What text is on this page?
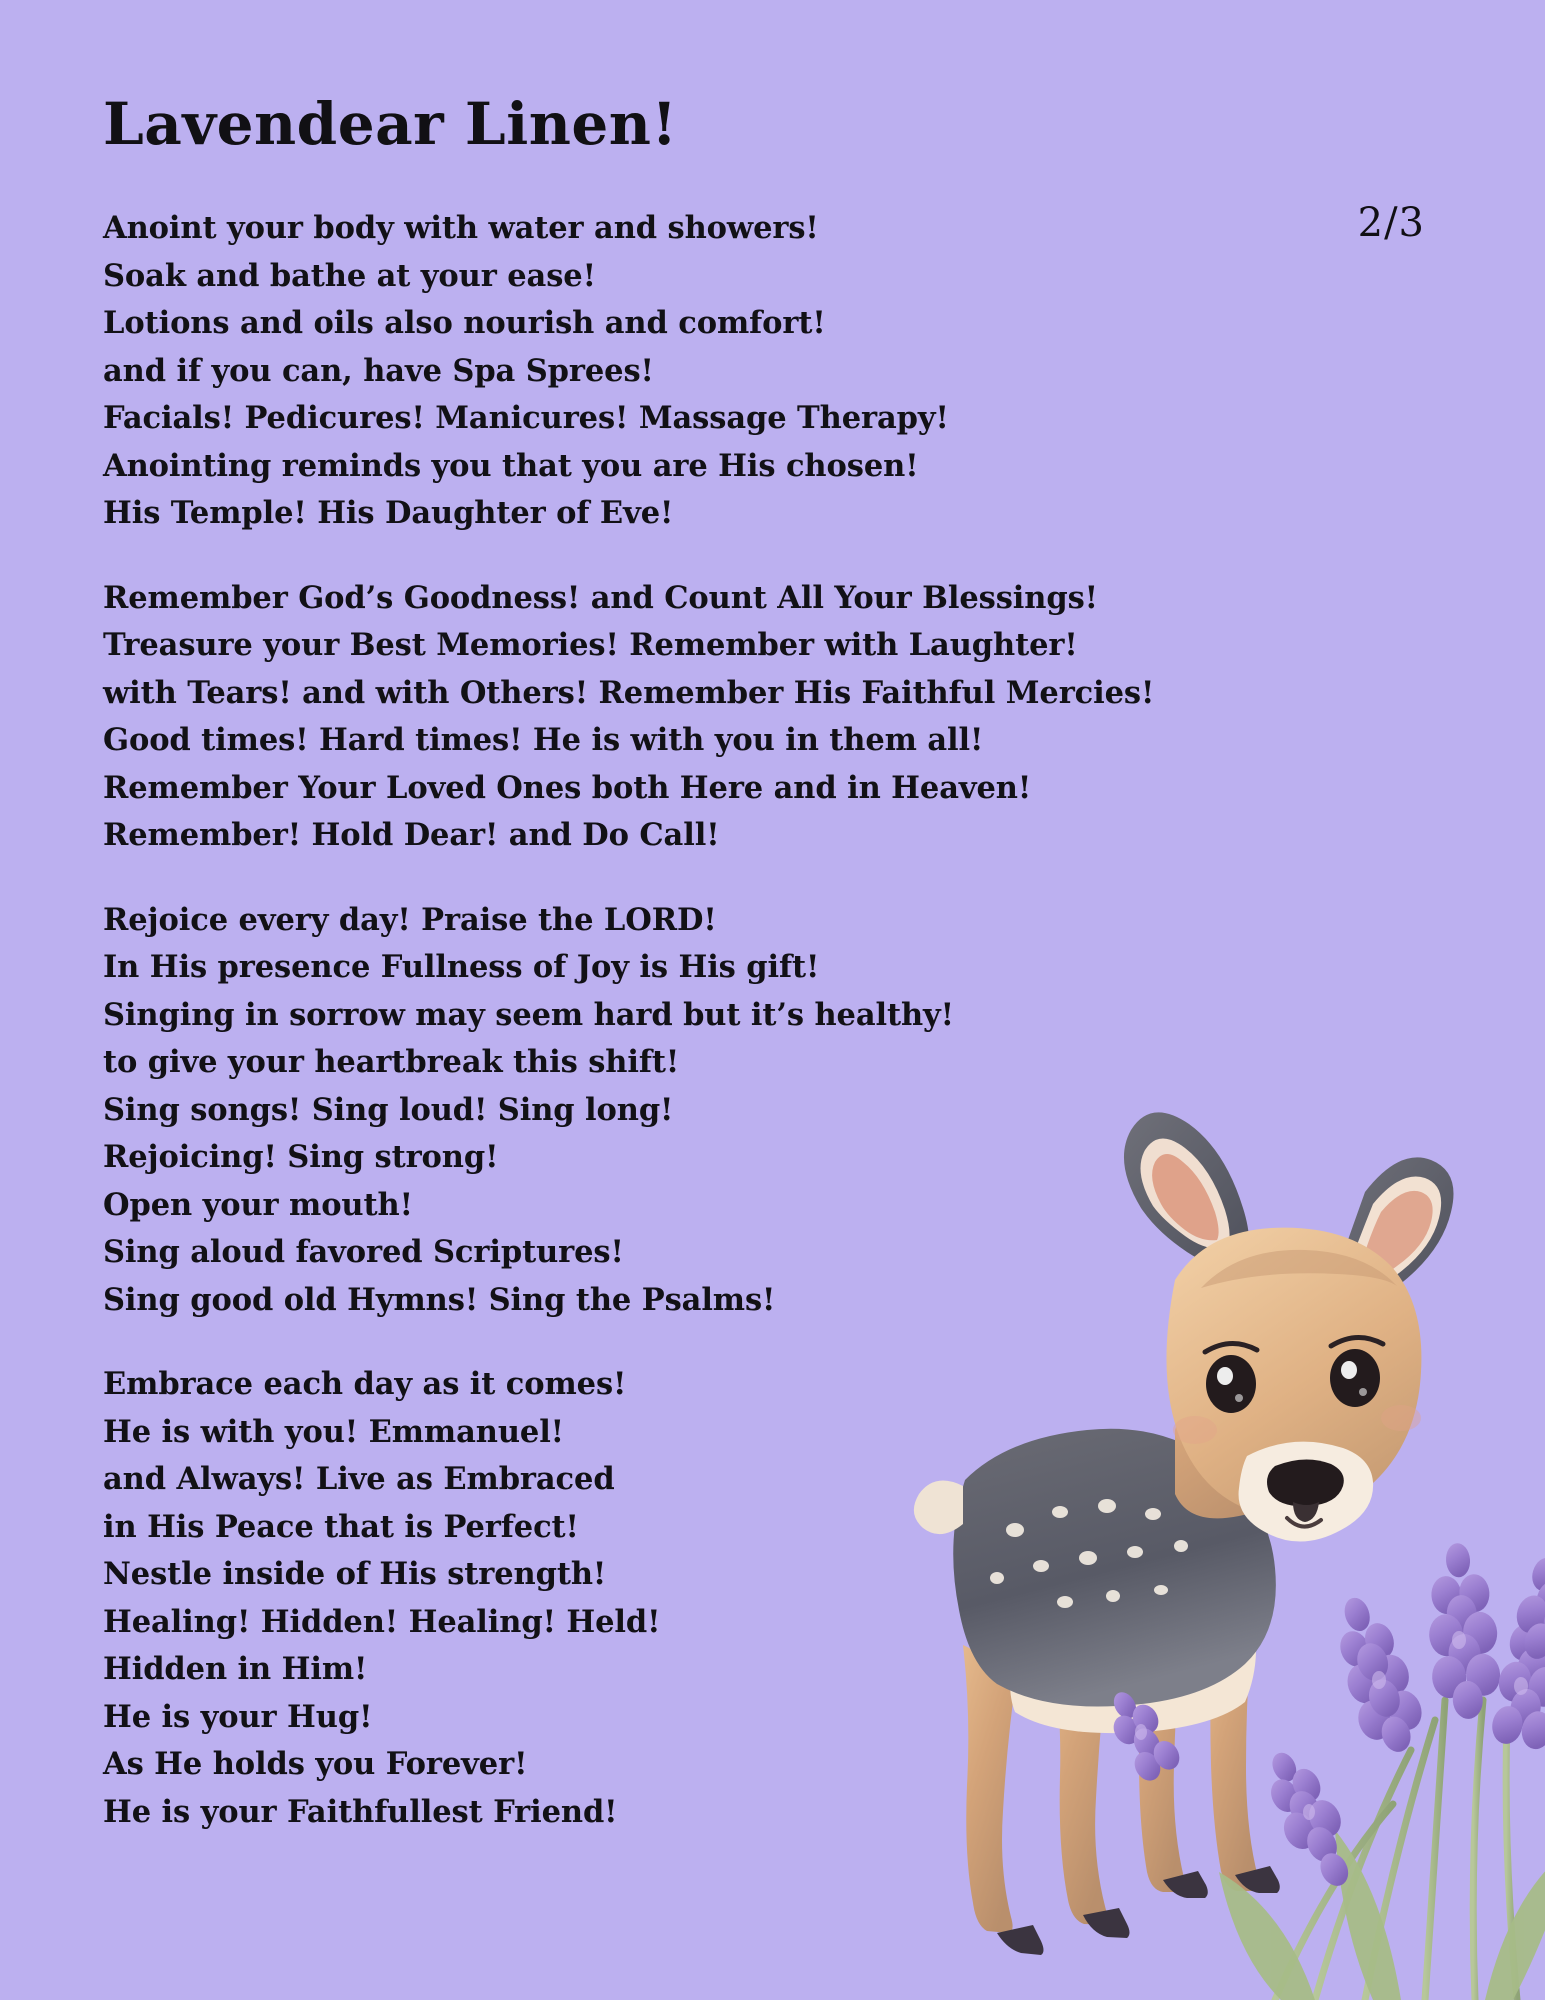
Lavendear Linen!
2/3
Anoint your body with water and showers!
Soak and bathe at your ease!
Lotions and oils also nourish and comfort!
and if you can, have Spa Sprees!
Facials! Pedicures! Manicures! Massage Therapy!
Anointing reminds you that you are His chosen!
His Temple! His Daughter of Eve!
Remember God’s Goodness! and Count All Your Blessings!
Treasure your Best Memories! Remember with Laughter!
with Tears! and with Others! Remember His Faithful Mercies!
Good times! Hard times! He is with you in them all!
Remember Your Loved Ones both Here and in Heaven!
Remember! Hold Dear! and Do Call!
Rejoice every day! Praise the LORD!
In His presence Fullness of Joy is His gift!
Singing in sorrow may seem hard but it’s healthy!
to give your heartbreak this shift!
Sing songs! Sing loud! Sing long!
Rejoicing! Sing strong!
Open your mouth!
Sing aloud favored Scriptures!
Sing good old Hymns! Sing the Psalms!
Embrace each day as it comes!
He is with you! Emmanuel!
and Always! Live as Embraced
in His Peace that is Perfect!
Nestle inside of His strength!
Healing! Hidden! Healing! Held!
Hidden in Him!
He is your Hug!
As He holds you Forever!
He is your Faithfullest Friend!
